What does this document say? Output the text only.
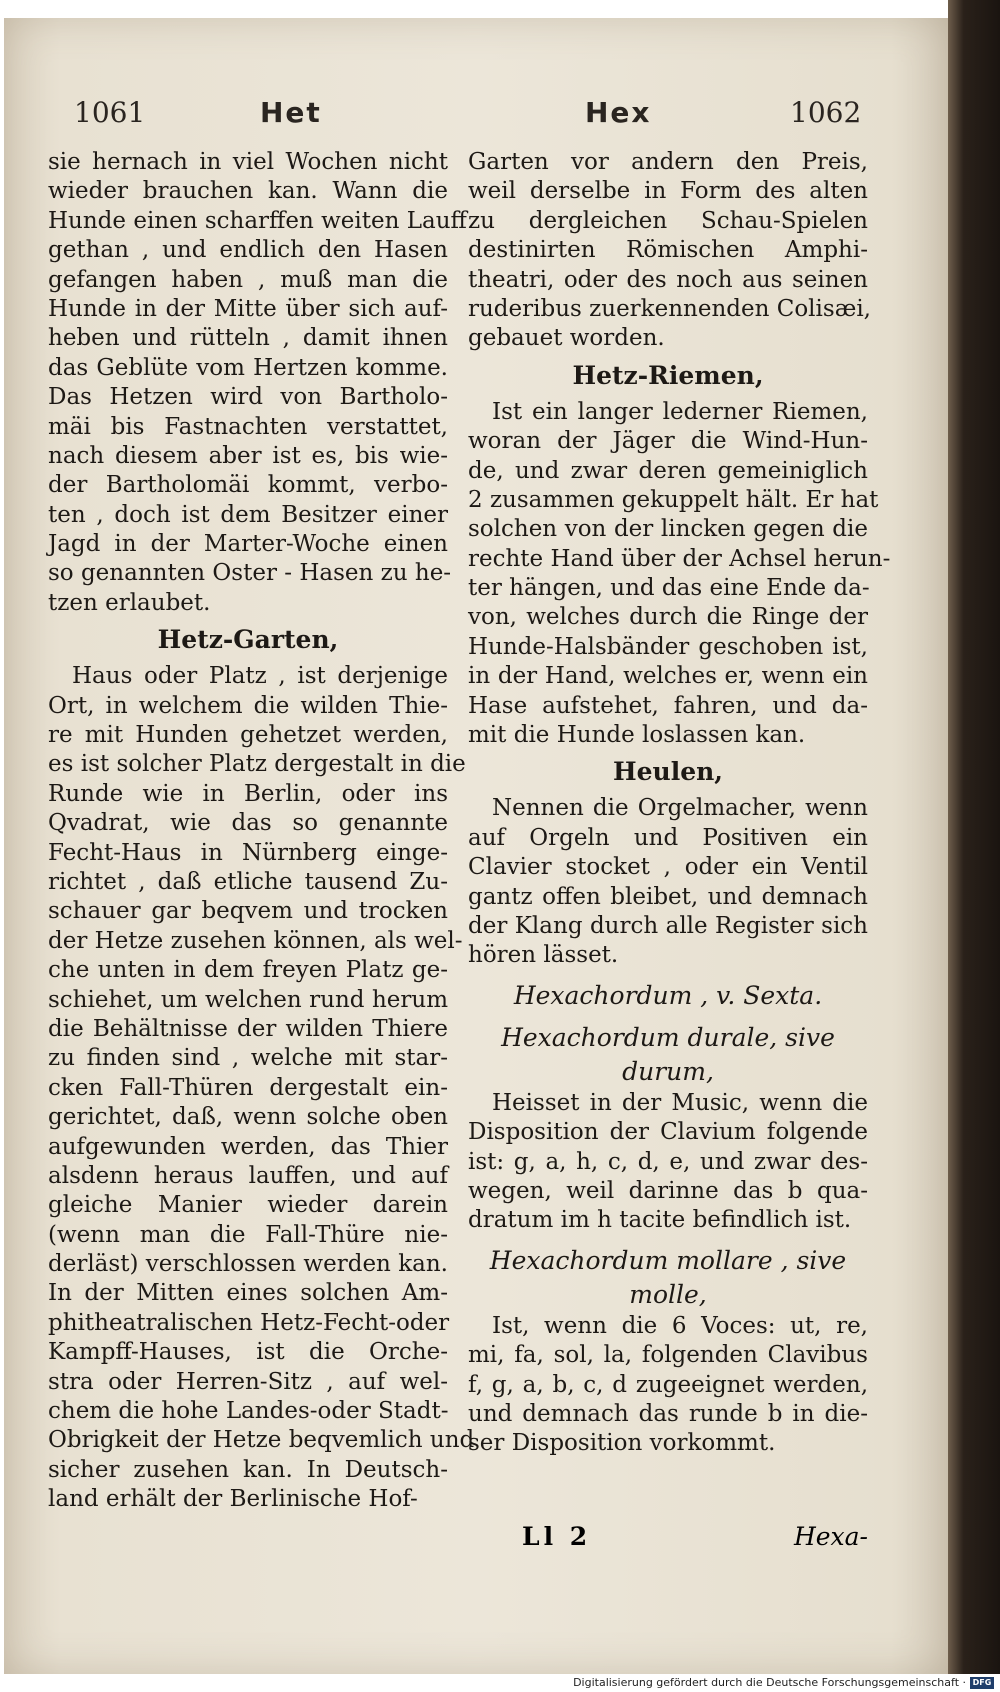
1061	Het	Hex	1062
sie hernach in viel Wochen nicht
wieder brauchen kan. Wann die
Hunde einen scharffen weiten Lauff
gethan , und endlich den Hasen
gefangen haben , muß man die
Hunde in der Mitte über sich auf-
heben und rütteln , damit ihnen
das Geblüte vom Hertzen komme.
Das Hetzen wird von Bartholo-
mäi bis Fastnachten verstattet,
nach diesem aber ist es, bis wie-
der Bartholomäi kommt, verbo-
ten , doch ist dem Besitzer einer
Jagd in der Marter-Woche einen
so genannten Oster - Hasen zu he-
tzen erlaubet.
Hetz-Garten,
Haus oder Platz , ist derjenige
Ort, in welchem die wilden Thie-
re mit Hunden gehetzet werden,
es ist solcher Platz dergestalt in die
Runde wie in Berlin, oder ins
Qvadrat, wie das so genannte
Fecht-Haus in Nürnberg einge-
richtet , daß etliche tausend Zu-
schauer gar beqvem und trocken
der Hetze zusehen können, als wel-
che unten in dem freyen Platz ge-
schiehet, um welchen rund herum
die Behältnisse der wilden Thiere
zu finden sind , welche mit star-
cken Fall-Thüren dergestalt ein-
gerichtet, daß, wenn solche oben
aufgewunden werden, das Thier
alsdenn heraus lauffen, und auf
gleiche Manier wieder darein
(wenn man die Fall-Thüre nie-
derläst) verschlossen werden kan.
In der Mitten eines solchen Am-
phitheatralischen Hetz-Fecht-oder
Kampff-Hauses, ist die Orche-
stra oder Herren-Sitz , auf wel-
chem die hohe Landes-oder Stadt-
Obrigkeit der Hetze beqvemlich und
sicher zusehen kan. In Deutsch-
land erhält der Berlinische Hof-
Garten vor andern den Preis,
weil derselbe in Form des alten
zu dergleichen Schau-Spielen
destinirten Römischen Amphi-
theatri, oder des noch aus seinen
ruderibus zuerkennenden Colisæi,
gebauet worden.
Hetz-Riemen,
Ist ein langer lederner Riemen,
woran der Jäger die Wind-Hun-
de, und zwar deren gemeiniglich
2 zusammen gekuppelt hält. Er hat
solchen von der lincken gegen die
rechte Hand über der Achsel herun-
ter hängen, und das eine Ende da-
von, welches durch die Ringe der
Hunde-Halsbänder geschoben ist,
in der Hand, welches er, wenn ein
Hase aufstehet, fahren, und da-
mit die Hunde loslassen kan.
Heulen,
Nennen die Orgelmacher, wenn
auf Orgeln und Positiven ein
Clavier stocket , oder ein Ventil
gantz offen bleibet, und demnach
der Klang durch alle Register sich
hören lässet.
Hexachordum , v. Sexta.
Hexachordum durale, sive
durum,
Heisset in der Music, wenn die
Disposition der Clavium folgende
ist: g, a, h, c, d, e, und zwar des-
wegen, weil darinne das b qua-
dratum im h tacite befindlich ist.
Hexachordum mollare , sive
molle,
Ist, wenn die 6 Voces: ut, re,
mi, fa, sol, la, folgenden Clavibus
f, g, a, b, c, d zugeeignet werden,
und demnach das runde b in die-
ser Disposition vorkommt.
Ll 2	Hexa-
Digitalisierung gefördert durch die Deutsche Forschungsgemeinschaft · DFG
